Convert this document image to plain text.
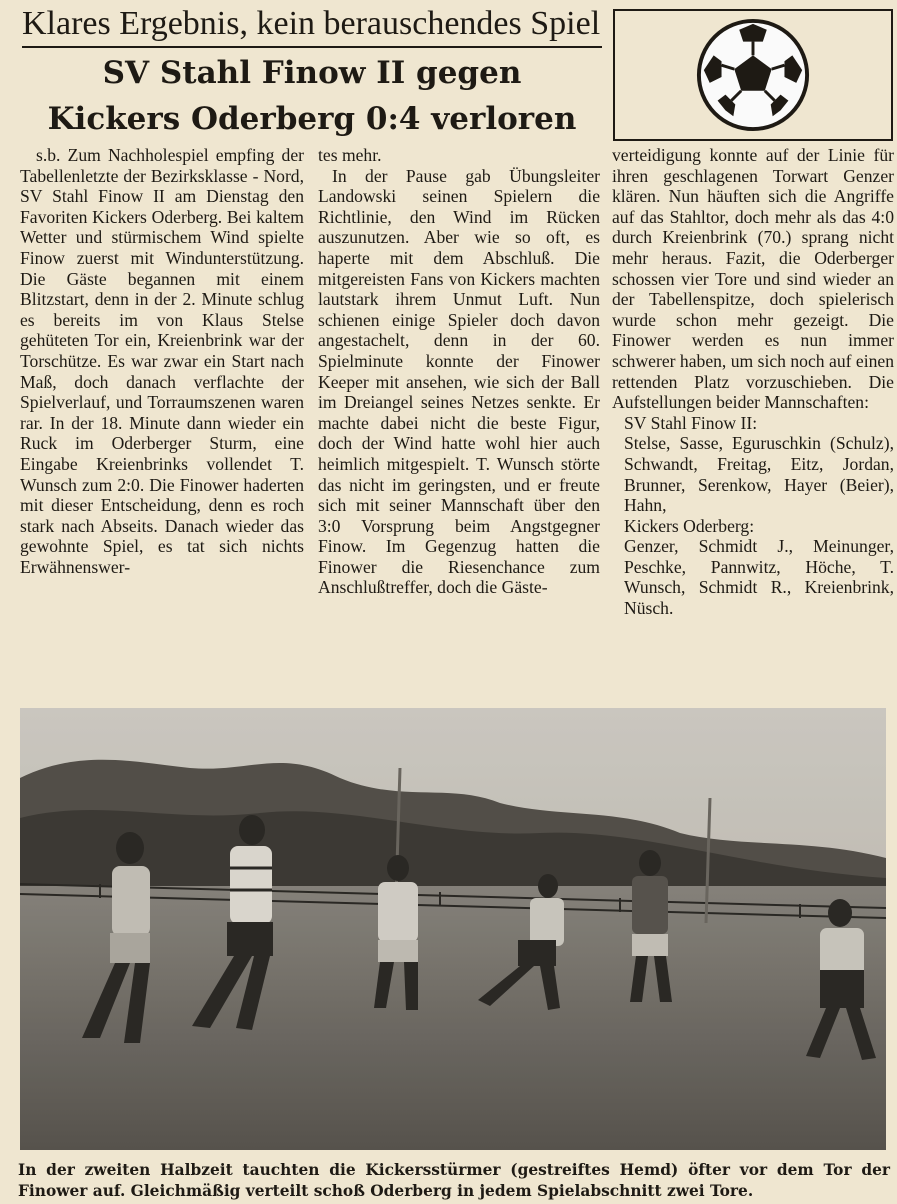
Klares Ergebnis, kein berauschendes Spiel
SV Stahl Finow II gegen
Kickers Oderberg 0:4 verloren

s.b. Zum Nachholespiel empfing der Tabellenletzte der Bezirksklasse - Nord, SV Stahl Finow II am Dienstag den Favoriten Kickers Oderberg. Bei kaltem Wetter und stürmischem Wind spielte Finow zuerst mit Windunterstützung. Die Gäste begannen mit einem Blitzstart, denn in der 2. Minute schlug es bereits im von Klaus Stelse gehüteten Tor ein, Kreienbrink war der Torschütze. Es war zwar ein Start nach Maß, doch danach verflachte der Spielverlauf, und Torraumszenen waren rar. In der 18. Minute dann wieder ein Ruck im Oderberger Sturm, eine Eingabe Kreienbrinks vollendet T. Wunsch zum 2:0. Die Finower haderten mit dieser Entscheidung, denn es roch stark nach Abseits. Danach wieder das gewohnte Spiel, es tat sich nichts Erwähnenswer-

tes mehr.

In der Pause gab Übungsleiter Landowski seinen Spielern die Richtlinie, den Wind im Rücken auszunutzen. Aber wie so oft, es haperte mit dem Abschluß. Die mitgereisten Fans von Kickers machten lautstark ihrem Unmut Luft. Nun schienen einige Spieler doch davon angestachelt, denn in der 60. Spielminute konnte der Finower Keeper mit ansehen, wie sich der Ball im Dreiangel seines Netzes senkte. Er machte dabei nicht die beste Figur, doch der Wind hatte wohl hier auch heimlich mitgespielt. T. Wunsch störte das nicht im geringsten, und er freute sich mit seiner Mannschaft über den 3:0 Vorsprung beim Angstgegner Finow. Im Gegenzug hatten die Finower die Riesenchance zum Anschlußtreffer, doch die Gäste-

verteidigung konnte auf der Linie für ihren geschlagenen Torwart Genzer klären. Nun häuften sich die Angriffe auf das Stahltor, doch mehr als das 4:0 durch Kreienbrink (70.) sprang nicht mehr heraus. Fazit, die Oderberger schossen vier Tore und sind wieder an der Tabellenspitze, doch spielerisch wurde schon mehr gezeigt. Die Finower werden es nun immer schwerer haben, um sich noch auf einen rettenden Platz vorzuschieben. Die Aufstellungen beider Mannschaften:

SV Stahl Finow II:

Stelse, Sasse, Eguruschkin (Schulz), Schwandt, Freitag, Eitz, Jordan, Brunner, Serenkow, Hayer (Beier), Hahn,

Kickers Oderberg:

Genzer, Schmidt J., Meinunger, Peschke, Pannwitz, Höche, T. Wunsch, Schmidt R., Kreienbrink, Nüsch.

In der zweiten Halbzeit tauchten die Kickersstürmer (gestreiftes Hemd) öfter vor dem Tor der Finower auf. Gleichmäßig verteilt schoß Oderberg in jedem Spielabschnitt zwei Tore.
